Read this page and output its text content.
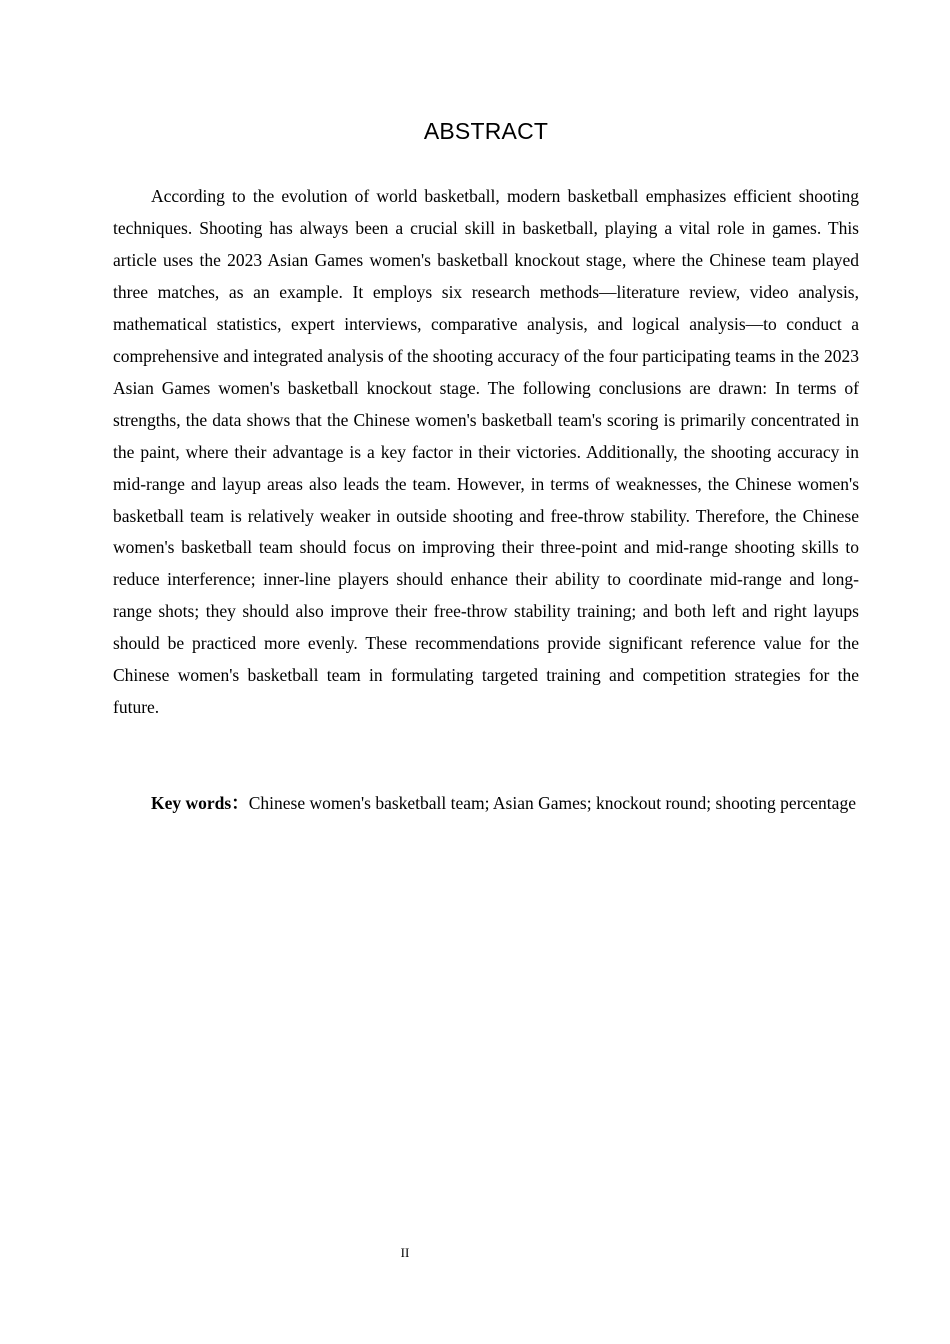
ABSTRACT

According to the evolution of world basketball, modern basketball emphasizes efficient shooting techniques. Shooting has always been a crucial skill in basketball, playing a vital role in games. This article uses the 2023 Asian Games women's basketball knockout stage, where the Chinese team played three matches, as an example. It employs six research methods—literature review, video analysis, mathematical statistics, expert interviews, comparative analysis, and logical analysis—to conduct a comprehensive and integrated analysis of the shooting accuracy of the four participating teams in the 2023 Asian Games women's basketball knockout stage. The following conclusions are drawn: In terms of strengths, the data shows that the Chinese women's basketball team's scoring is primarily concentrated in the paint, where their advantage is a key factor in their victories. Additionally, the shooting accuracy in mid-range and layup areas also leads the team. However, in terms of weaknesses, the Chinese women's basketball team is relatively weaker in outside shooting and free-throw stability. Therefore, the Chinese women's basketball team should focus on improving their three-point and mid-range shooting skills to reduce interference; inner-line players should enhance their ability to coordinate mid-range and long-range shots; they should also improve their free-throw stability training; and both left and right layups should be practiced more evenly. These recommendations provide significant reference value for the Chinese women's basketball team in formulating targeted training and competition strategies for the future.

Key words：Chinese women's basketball team; Asian Games; knockout round; shooting percentage

II
